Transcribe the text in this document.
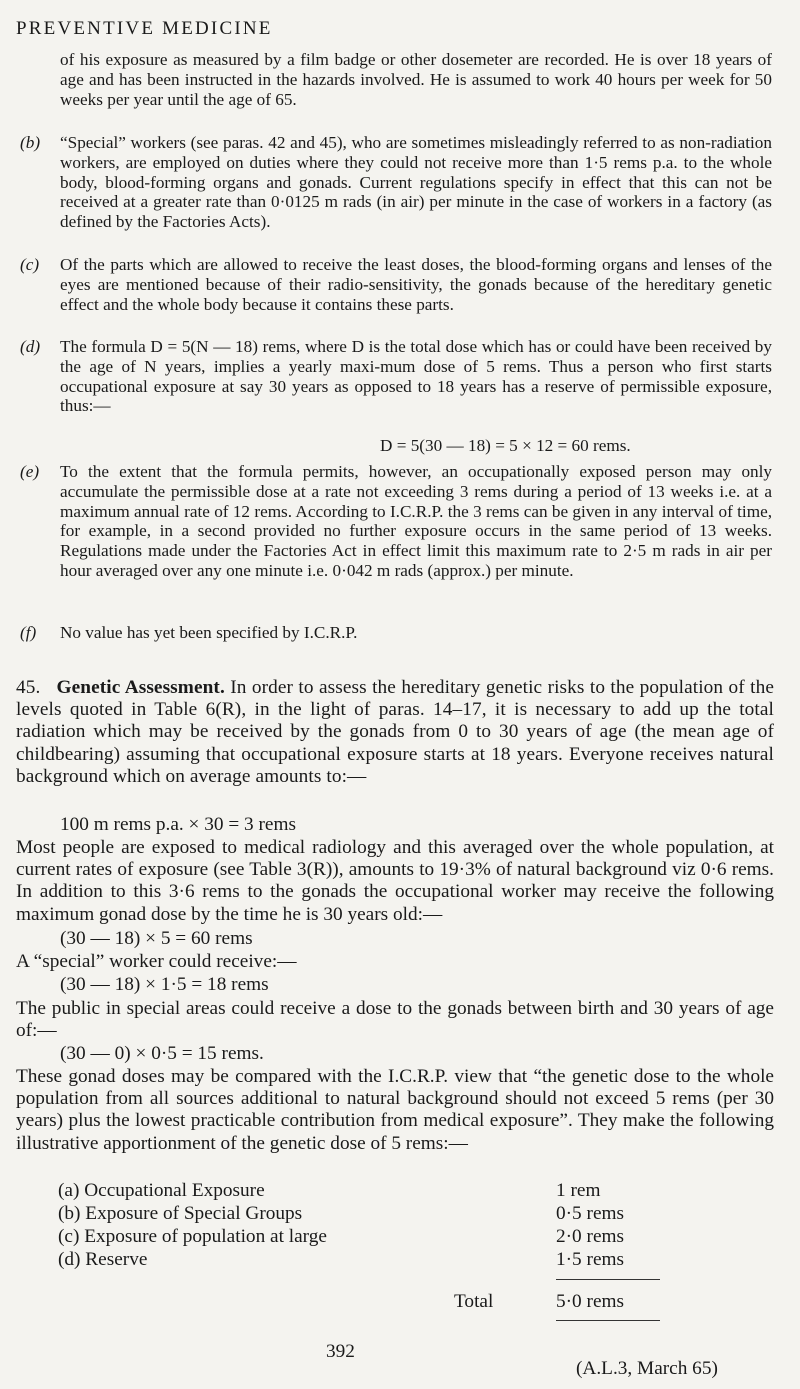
PREVENTIVE MEDICINE
of his exposure as measured by a film badge or other dosemeter are recorded. He is over 18 years of age and has been instructed in the hazards involved. He is assumed to work 40 hours per week for 50 weeks per year until the age of 65.
(b) “Special” workers (see paras. 42 and 45), who are sometimes misleadingly referred to as non-radiation workers, are employed on duties where they could not receive more than 1·5 rems p.a. to the whole body, blood-forming organs and gonads. Current regulations specify in effect that this can not be received at a greater rate than 0·0125 m rads (in air) per minute in the case of workers in a factory (as defined by the Factories Acts).
(c) Of the parts which are allowed to receive the least doses, the blood-forming organs and lenses of the eyes are mentioned because of their radio-sensitivity, the gonads because of the hereditary genetic effect and the whole body because it contains these parts.
(d) The formula D = 5(N — 18) rems, where D is the total dose which has or could have been received by the age of N years, implies a yearly maxi-mum dose of 5 rems. Thus a person who first starts occupational exposure at say 30 years as opposed to 18 years has a reserve of permissible exposure, thus:—
D = 5(30 — 18) = 5 × 12 = 60 rems.
(e) To the extent that the formula permits, however, an occupationally exposed person may only accumulate the permissible dose at a rate not exceeding 3 rems during a period of 13 weeks i.e. at a maximum annual rate of 12 rems. According to I.C.R.P. the 3 rems can be given in any interval of time, for example, in a second provided no further exposure occurs in the same period of 13 weeks. Regulations made under the Factories Act in effect limit this maximum rate to 2·5 m rads in air per hour averaged over any one minute i.e. 0·042 m rads (approx.) per minute.
(f) No value has yet been specified by I.C.R.P.
45. Genetic Assessment. In order to assess the hereditary genetic risks to the population of the levels quoted in Table 6(R), in the light of paras. 14–17, it is necessary to add up the total radiation which may be received by the gonads from 0 to 30 years of age (the mean age of childbearing) assuming that occupational exposure starts at 18 years. Everyone receives natural background which on average amounts to:—
100 m rems p.a. × 30 = 3 rems
Most people are exposed to medical radiology and this averaged over the whole population, at current rates of exposure (see Table 3(R)), amounts to 19·3% of natural background viz 0·6 rems. In addition to this 3·6 rems to the gonads the occupational worker may receive the following maximum gonad dose by the time he is 30 years old:—
(30 — 18) × 5 = 60 rems
A “special” worker could receive:—
(30 — 18) × 1·5 = 18 rems
The public in special areas could receive a dose to the gonads between birth and 30 years of age of:—
(30 — 0) × 0·5 = 15 rems.
These gonad doses may be compared with the I.C.R.P. view that “the genetic dose to the whole population from all sources additional to natural background should not exceed 5 rems (per 30 years) plus the lowest practicable contribution from medical exposure”. They make the following illustrative apportionment of the genetic dose of 5 rems:—
(a) Occupational Exposure	1 rem
(b) Exposure of Special Groups	0·5 rems
(c) Exposure of population at large	2·0 rems
(d) Reserve	1·5 rems
Total	5·0 rems
392
(A.L.3, March 65)
